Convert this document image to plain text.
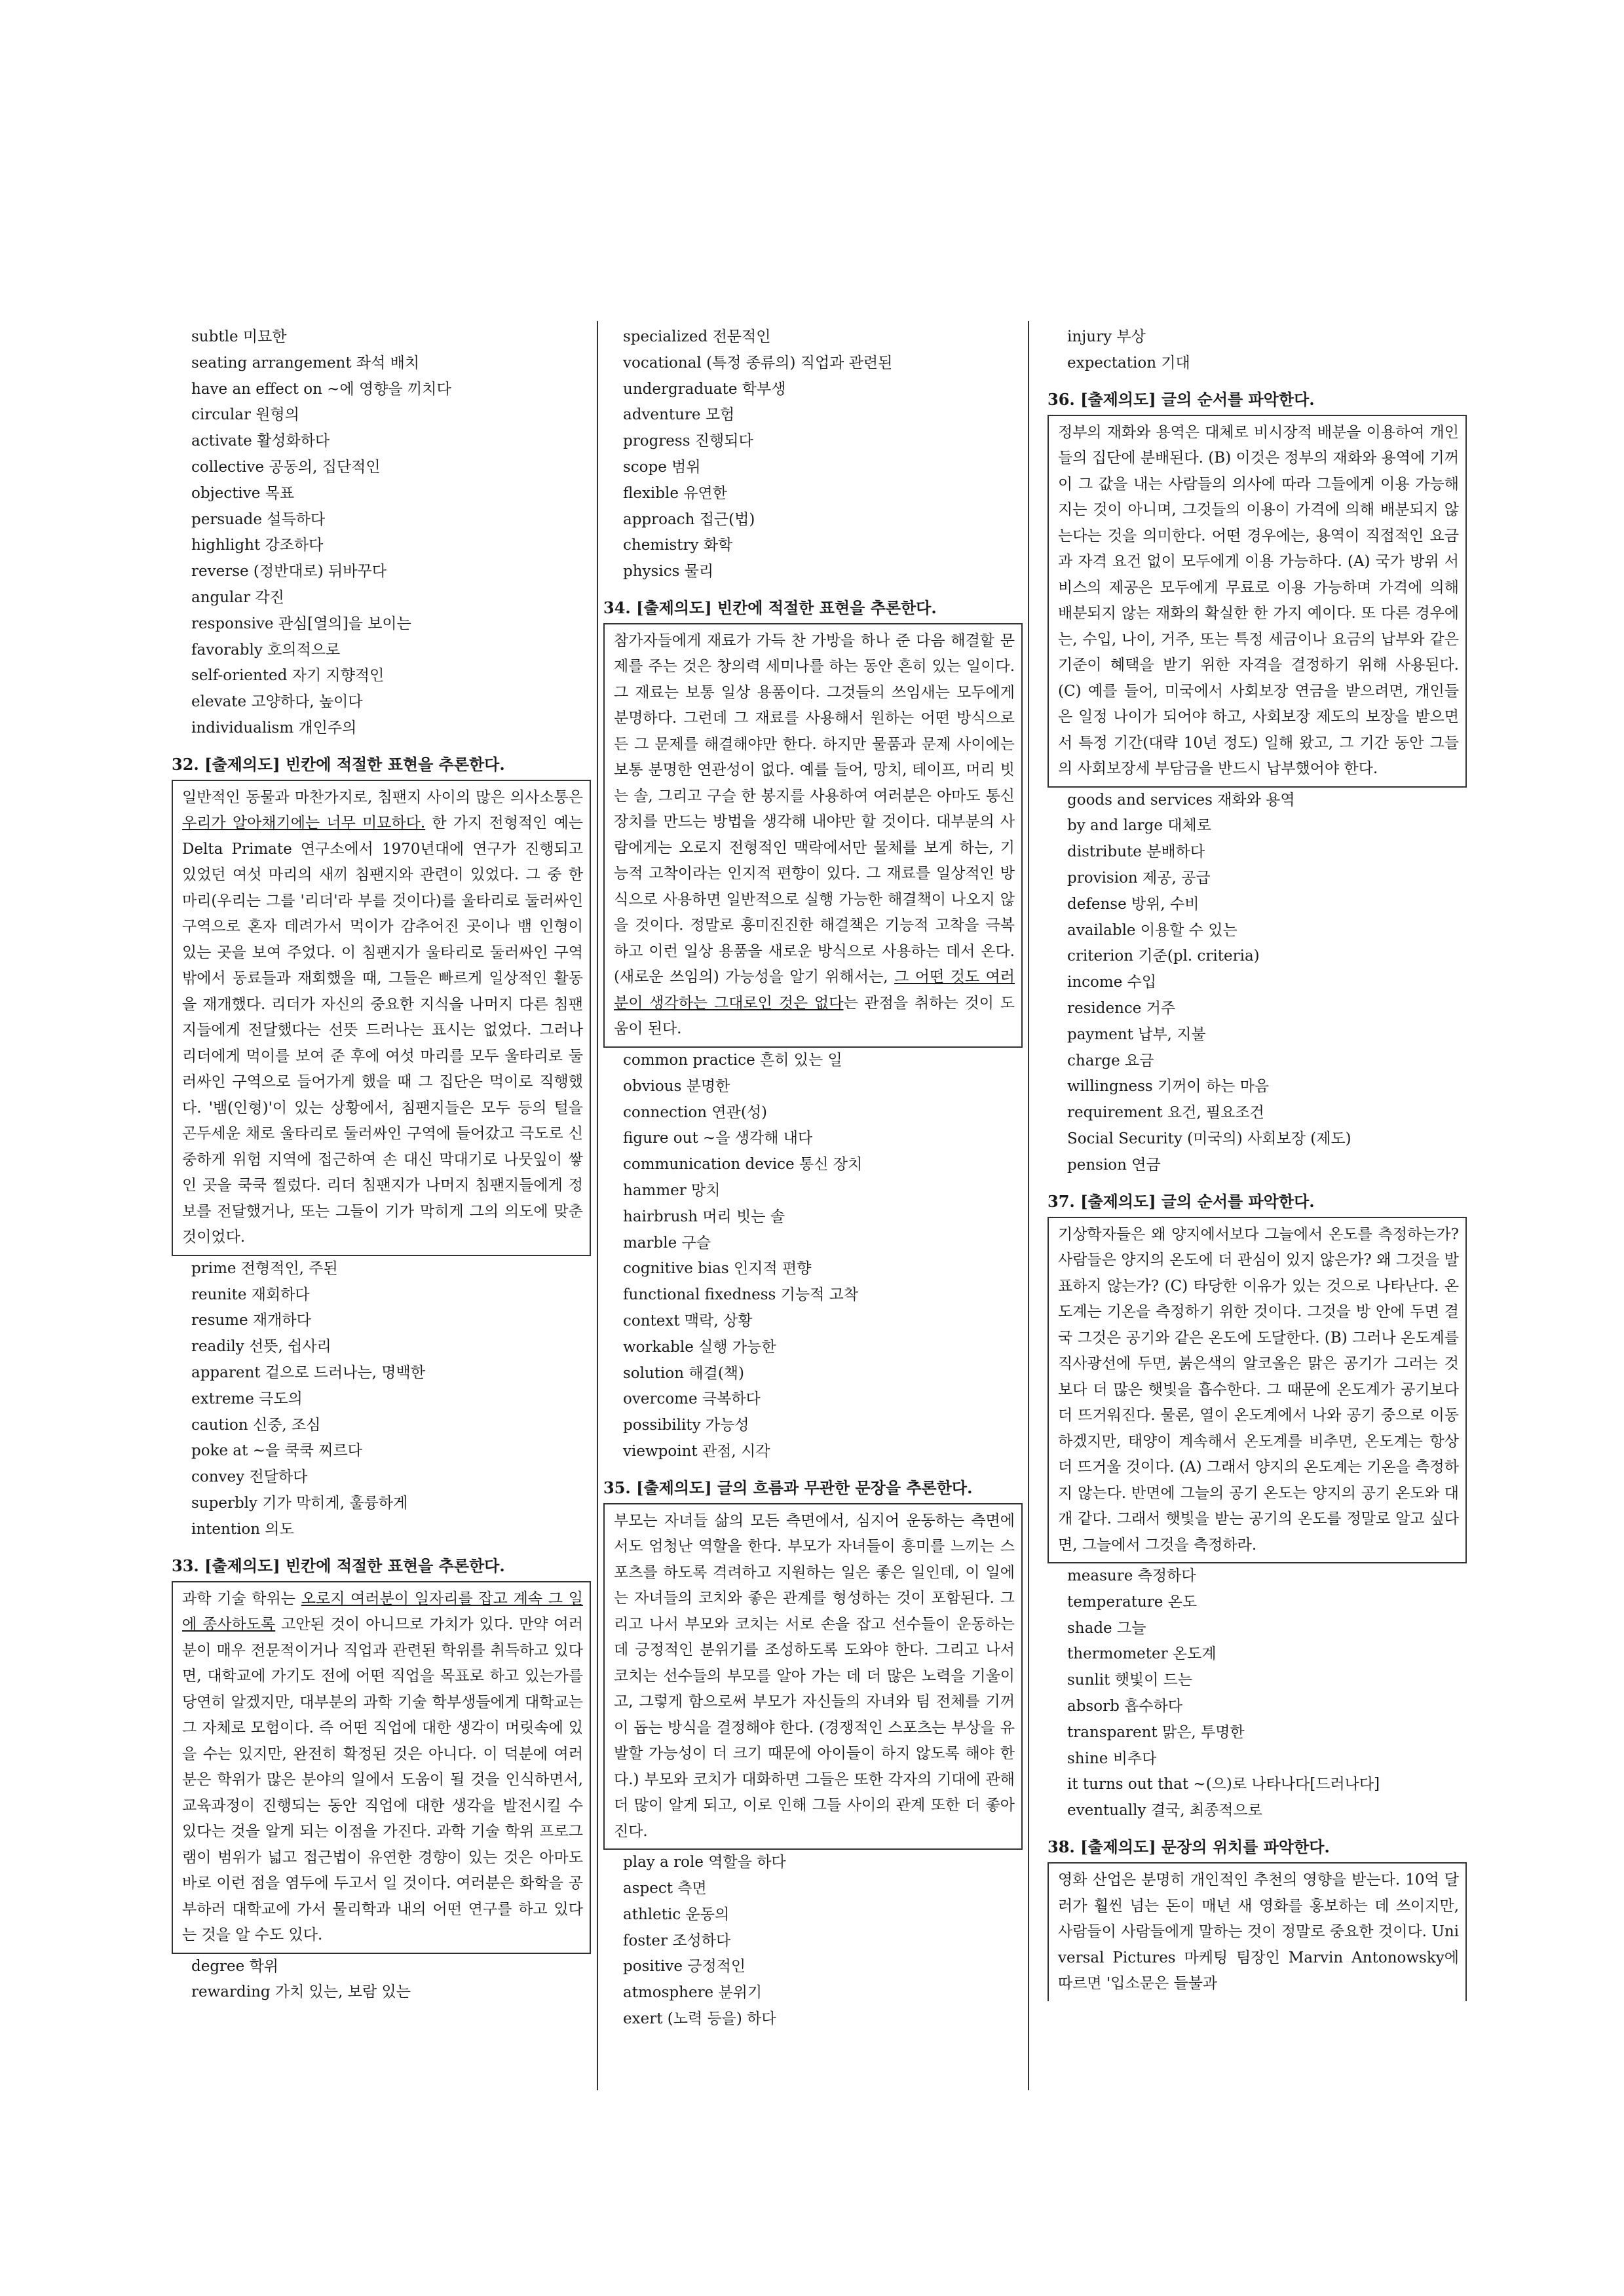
subtle 미묘한
seating arrangement 좌석 배치
have an effect on ~에 영향을 끼치다
circular 원형의
activate 활성화하다
collective 공동의, 집단적인
objective 목표
persuade 설득하다
highlight 강조하다
reverse (정반대로) 뒤바꾸다
angular 각진
responsive 관심[열의]을 보이는
favorably 호의적으로
self-oriented 자기 지향적인
elevate 고양하다, 높이다
individualism 개인주의
32. [출제의도] 빈칸에 적절한 표현을 추론한다.
일반적인 동물과 마찬가지로, 침팬지 사이의 많은 의사소통은 우리가 알아채기에는 너무 미묘하다. 한 가지 전형적인 예는 Delta Primate 연구소에서 1970년대에 연구가 진행되고 있었던 여섯 마리의 새끼 침팬지와 관련이 있었다. 그 중 한 마리(우리는 그를 '리더'라 부를 것이다)를 울타리로 둘러싸인 구역으로 혼자 데려가서 먹이가 감추어진 곳이나 뱀 인형이 있는 곳을 보여 주었다. 이 침팬지가 울타리로 둘러싸인 구역 밖에서 동료들과 재회했을 때, 그들은 빠르게 일상적인 활동을 재개했다. 리더가 자신의 중요한 지식을 나머지 다른 침팬지들에게 전달했다는 선뜻 드러나는 표시는 없었다. 그러나 리더에게 먹이를 보여 준 후에 여섯 마리를 모두 울타리로 둘러싸인 구역으로 들어가게 했을 때 그 집단은 먹이로 직행했다. '뱀(인형)'이 있는 상황에서, 침팬지들은 모두 등의 털을 곤두세운 채로 울타리로 둘러싸인 구역에 들어갔고 극도로 신중하게 위험 지역에 접근하여 손 대신 막대기로 나뭇잎이 쌓인 곳을 쿡쿡 찔렀다. 리더 침팬지가 나머지 침팬지들에게 정보를 전달했거나, 또는 그들이 기가 막히게 그의 의도에 맞춘 것이었다.
prime 전형적인, 주된
reunite 재회하다
resume 재개하다
readily 선뜻, 쉽사리
apparent 겉으로 드러나는, 명백한
extreme 극도의
caution 신중, 조심
poke at ~을 쿡쿡 찌르다
convey 전달하다
superbly 기가 막히게, 훌륭하게
intention 의도
33. [출제의도] 빈칸에 적절한 표현을 추론한다.
과학 기술 학위는 오로지 여러분이 일자리를 잡고 계속 그 일에 종사하도록 고안된 것이 아니므로 가치가 있다. 만약 여러분이 매우 전문적이거나 직업과 관련된 학위를 취득하고 있다면, 대학교에 가기도 전에 어떤 직업을 목표로 하고 있는가를 당연히 알겠지만, 대부분의 과학 기술 학부생들에게 대학교는 그 자체로 모험이다. 즉 어떤 직업에 대한 생각이 머릿속에 있을 수는 있지만, 완전히 확정된 것은 아니다. 이 덕분에 여러분은 학위가 많은 분야의 일에서 도움이 될 것을 인식하면서, 교육과정이 진행되는 동안 직업에 대한 생각을 발전시킬 수 있다는 것을 알게 되는 이점을 가진다. 과학 기술 학위 프로그램이 범위가 넓고 접근법이 유연한 경향이 있는 것은 아마도 바로 이런 점을 염두에 두고서 일 것이다. 여러분은 화학을 공부하러 대학교에 가서 물리학과 내의 어떤 연구를 하고 있다는 것을 알 수도 있다.
degree 학위
rewarding 가치 있는, 보람 있는
specialized 전문적인
vocational (특정 종류의) 직업과 관련된
undergraduate 학부생
adventure 모험
progress 진행되다
scope 범위
flexible 유연한
approach 접근(법)
chemistry 화학
physics 물리
34. [출제의도] 빈칸에 적절한 표현을 추론한다.
참가자들에게 재료가 가득 찬 가방을 하나 준 다음 해결할 문제를 주는 것은 창의력 세미나를 하는 동안 흔히 있는 일이다. 그 재료는 보통 일상 용품이다. 그것들의 쓰임새는 모두에게 분명하다. 그런데 그 재료를 사용해서 원하는 어떤 방식으로든 그 문제를 해결해야만 한다. 하지만 물품과 문제 사이에는 보통 분명한 연관성이 없다. 예를 들어, 망치, 테이프, 머리 빗는 솔, 그리고 구슬 한 봉지를 사용하여 여러분은 아마도 통신 장치를 만드는 방법을 생각해 내야만 할 것이다. 대부분의 사람에게는 오로지 전형적인 맥락에서만 물체를 보게 하는, 기능적 고착이라는 인지적 편향이 있다. 그 재료를 일상적인 방식으로 사용하면 일반적으로 실행 가능한 해결책이 나오지 않을 것이다. 정말로 흥미진진한 해결책은 기능적 고착을 극복하고 이런 일상 용품을 새로운 방식으로 사용하는 데서 온다. (새로운 쓰임의) 가능성을 알기 위해서는, 그 어떤 것도 여러분이 생각하는 그대로인 것은 없다는 관점을 취하는 것이 도움이 된다.
common practice 흔히 있는 일
obvious 분명한
connection 연관(성)
figure out ~을 생각해 내다
communication device 통신 장치
hammer 망치
hairbrush 머리 빗는 솔
marble 구슬
cognitive bias 인지적 편향
functional fixedness 기능적 고착
context 맥락, 상황
workable 실행 가능한
solution 해결(책)
overcome 극복하다
possibility 가능성
viewpoint 관점, 시각
35. [출제의도] 글의 흐름과 무관한 문장을 추론한다.
부모는 자녀들 삶의 모든 측면에서, 심지어 운동하는 측면에서도 엄청난 역할을 한다. 부모가 자녀들이 흥미를 느끼는 스포츠를 하도록 격려하고 지원하는 일은 좋은 일인데, 이 일에는 자녀들의 코치와 좋은 관계를 형성하는 것이 포함된다. 그리고 나서 부모와 코치는 서로 손을 잡고 선수들이 운동하는 데 긍정적인 분위기를 조성하도록 도와야 한다. 그리고 나서 코치는 선수들의 부모를 알아 가는 데 더 많은 노력을 기울이고, 그렇게 함으로써 부모가 자신들의 자녀와 팀 전체를 기꺼이 돕는 방식을 결정해야 한다. (경쟁적인 스포츠는 부상을 유발할 가능성이 더 크기 때문에 아이들이 하지 않도록 해야 한다.) 부모와 코치가 대화하면 그들은 또한 각자의 기대에 관해 더 많이 알게 되고, 이로 인해 그들 사이의 관계 또한 더 좋아진다.
play a role 역할을 하다
aspect 측면
athletic 운동의
foster 조성하다
positive 긍정적인
atmosphere 분위기
exert (노력 등을) 하다
injury 부상
expectation 기대
36. [출제의도] 글의 순서를 파악한다.
정부의 재화와 용역은 대체로 비시장적 배분을 이용하여 개인들의 집단에 분배된다. (B) 이것은 정부의 재화와 용역에 기꺼이 그 값을 내는 사람들의 의사에 따라 그들에게 이용 가능해지는 것이 아니며, 그것들의 이용이 가격에 의해 배분되지 않는다는 것을 의미한다. 어떤 경우에는, 용역이 직접적인 요금과 자격 요건 없이 모두에게 이용 가능하다. (A) 국가 방위 서비스의 제공은 모두에게 무료로 이용 가능하며 가격에 의해 배분되지 않는 재화의 확실한 한 가지 예이다. 또 다른 경우에는, 수입, 나이, 거주, 또는 특정 세금이나 요금의 납부와 같은 기준이 혜택을 받기 위한 자격을 결정하기 위해 사용된다. (C) 예를 들어, 미국에서 사회보장 연금을 받으려면, 개인들은 일정 나이가 되어야 하고, 사회보장 제도의 보장을 받으면서 특정 기간(대략 10년 정도) 일해 왔고, 그 기간 동안 그들의 사회보장세 부담금을 반드시 납부했어야 한다.
goods and services 재화와 용역
by and large 대체로
distribute 분배하다
provision 제공, 공급
defense 방위, 수비
available 이용할 수 있는
criterion 기준(pl. criteria)
income 수입
residence 거주
payment 납부, 지불
charge 요금
willingness 기꺼이 하는 마음
requirement 요건, 필요조건
Social Security (미국의) 사회보장 (제도)
pension 연금
37. [출제의도] 글의 순서를 파악한다.
기상학자들은 왜 양지에서보다 그늘에서 온도를 측정하는가? 사람들은 양지의 온도에 더 관심이 있지 않은가? 왜 그것을 발표하지 않는가? (C) 타당한 이유가 있는 것으로 나타난다. 온도계는 기온을 측정하기 위한 것이다. 그것을 방 안에 두면 결국 그것은 공기와 같은 온도에 도달한다. (B) 그러나 온도계를 직사광선에 두면, 붉은색의 알코올은 맑은 공기가 그러는 것보다 더 많은 햇빛을 흡수한다. 그 때문에 온도계가 공기보다 더 뜨거워진다. 물론, 열이 온도계에서 나와 공기 중으로 이동하겠지만, 태양이 계속해서 온도계를 비추면, 온도계는 항상 더 뜨거울 것이다. (A) 그래서 양지의 온도계는 기온을 측정하지 않는다. 반면에 그늘의 공기 온도는 양지의 공기 온도와 대개 같다. 그래서 햇빛을 받는 공기의 온도를 정말로 알고 싶다면, 그늘에서 그것을 측정하라.
measure 측정하다
temperature 온도
shade 그늘
thermometer 온도계
sunlit 햇빛이 드는
absorb 흡수하다
transparent 맑은, 투명한
shine 비추다
it turns out that ~(으)로 나타나다[드러나다]
eventually 결국, 최종적으로
38. [출제의도] 문장의 위치를 파악한다.
영화 산업은 분명히 개인적인 추천의 영향을 받는다. 10억 달러가 훨씬 넘는 돈이 매년 새 영화를 홍보하는 데 쓰이지만, 사람들이 사람들에게 말하는 것이 정말로 중요한 것이다. Universal Pictures 마케팅 팀장인 Marvin Antonowsky에 따르면 '입소문은 들불과
